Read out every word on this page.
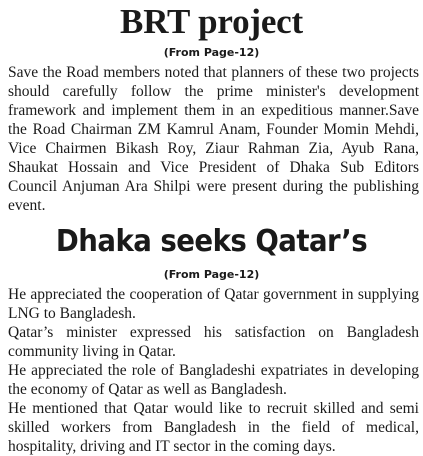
BRT project
(From Page-12)

Save the Road members noted that planners of these two projects should carefully follow the prime minister's development framework and implement them in an expeditious manner.Save the Road Chairman ZM Kamrul Anam, Founder Momin Mehdi, Vice Chairmen Bikash Roy, Ziaur Rahman Zia, Ayub Rana, Shaukat Hossain and Vice President of Dhaka Sub Editors Council Anjuman Ara Shilpi were present during the publishing event.

Dhaka seeks Qatar’s
(From Page-12)

He appreciated the cooperation of Qatar government in supplying LNG to Bangladesh.

Qatar’s minister expressed his satisfaction on Bangladesh community living in Qatar.

He appreciated the role of Bangladeshi expatriates in developing the economy of Qatar as well as Bangladesh.

He mentioned that Qatar would like to recruit skilled and semi skilled workers from Bangladesh in the field of medical, hospitality, driving and IT sector in the coming days.
